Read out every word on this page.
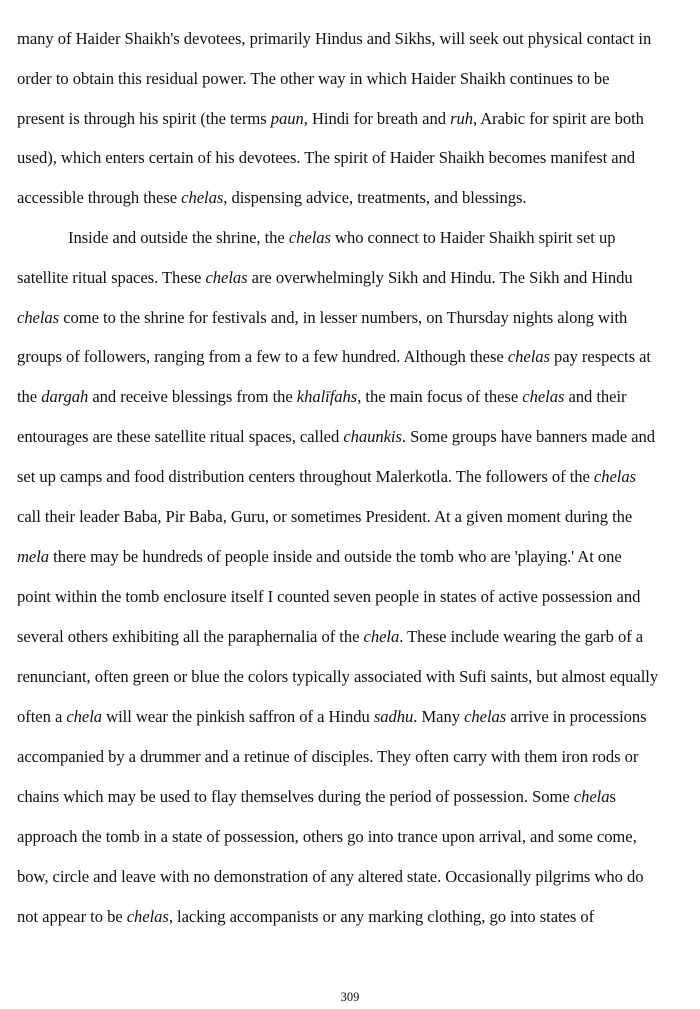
many of Haider Shaikh's devotees, primarily Hindus and Sikhs, will seek out physical contact in
order to obtain this residual power. The other way in which Haider Shaikh continues to be
present is through his spirit (the terms paun, Hindi for breath and ruh, Arabic for spirit are both
used), which enters certain of his devotees. The spirit of Haider Shaikh becomes manifest and
accessible through these chelas, dispensing advice, treatments, and blessings.
Inside and outside the shrine, the chelas who connect to Haider Shaikh spirit set up
satellite ritual spaces. These chelas are overwhelmingly Sikh and Hindu. The Sikh and Hindu
chelas come to the shrine for festivals and, in lesser numbers, on Thursday nights along with
groups of followers, ranging from a few to a few hundred. Although these chelas pay respects at
the dargah and receive blessings from the khalīfahs, the main focus of these chelas and their
entourages are these satellite ritual spaces, called chaunkis. Some groups have banners made and
set up camps and food distribution centers throughout Malerkotla. The followers of the chelas
call their leader Baba, Pir Baba, Guru, or sometimes President. At a given moment during the
mela there may be hundreds of people inside and outside the tomb who are 'playing.' At one
point within the tomb enclosure itself I counted seven people in states of active possession and
several others exhibiting all the paraphernalia of the chela. These include wearing the garb of a
renunciant, often green or blue the colors typically associated with Sufi saints, but almost equally
often a chela will wear the pinkish saffron of a Hindu sadhu. Many chelas arrive in processions
accompanied by a drummer and a retinue of disciples. They often carry with them iron rods or
chains which may be used to flay themselves during the period of possession. Some chelas
approach the tomb in a state of possession, others go into trance upon arrival, and some come,
bow, circle and leave with no demonstration of any altered state. Occasionally pilgrims who do
not appear to be chelas, lacking accompanists or any marking clothing, go into states of
309
